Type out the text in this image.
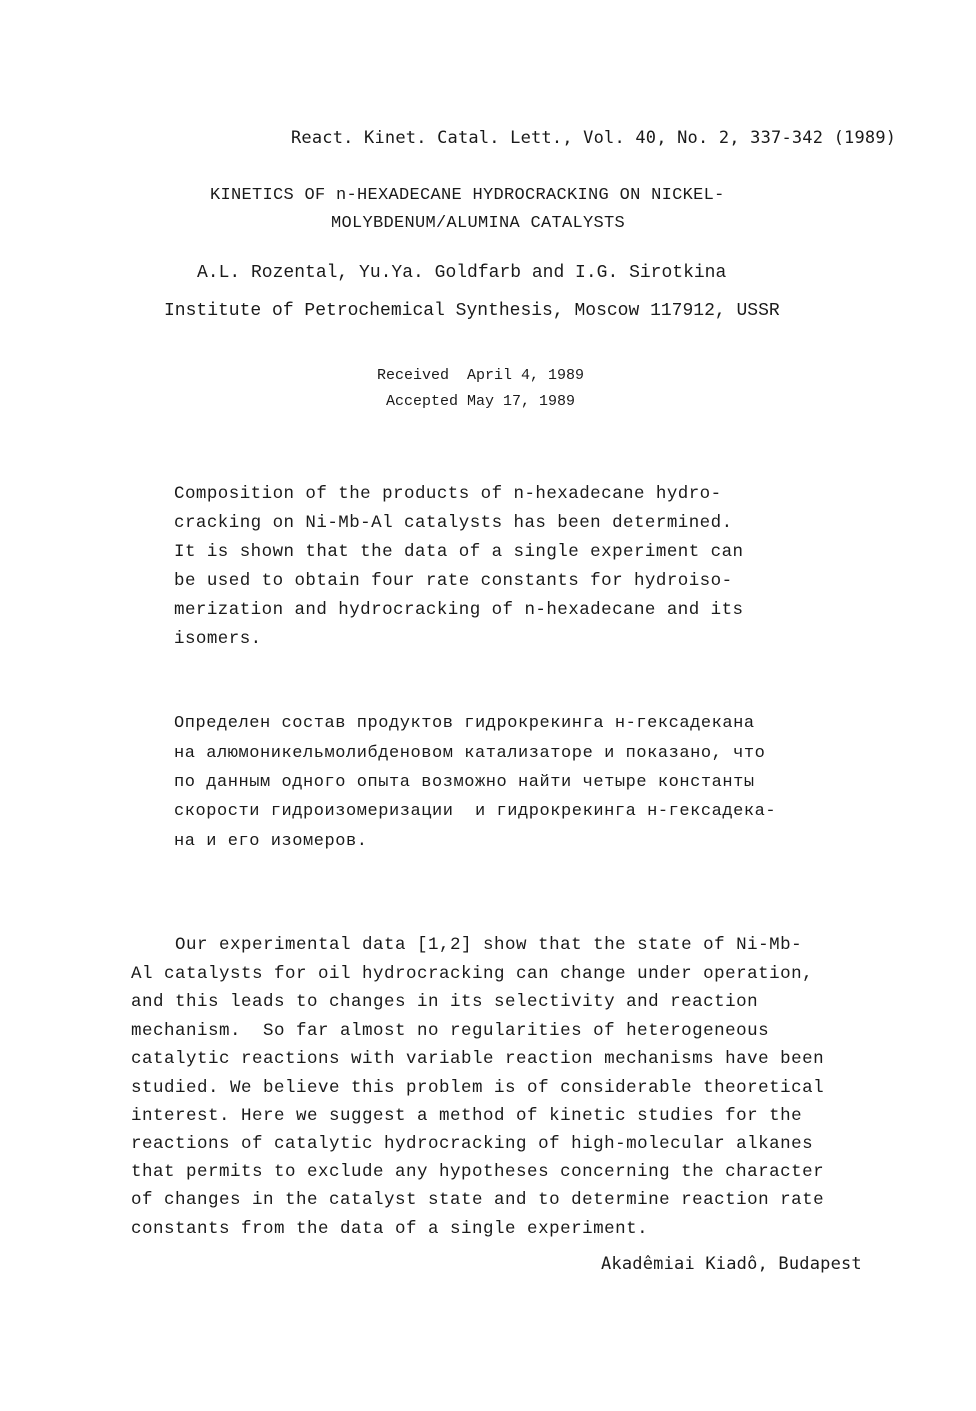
React. Kinet. Catal. Lett., Vol. 40, No. 2, 337-342 (1989)
KINETICS OF n-HEXADECANE HYDROCRACKING ON NICKEL-
MOLYBDENUM/ALUMINA CATALYSTS
A.L. Rozental, Yu.Ya. Goldfarb and I.G. Sirotkina
Institute of Petrochemical Synthesis, Moscow 117912, USSR
Received  April 4, 1989
Accepted May 17, 1989
Composition of the products of n-hexadecane hydro-
cracking on Ni-Mb-Al catalysts has been determined.
It is shown that the data of a single experiment can
be used to obtain four rate constants for hydroiso-
merization and hydrocracking of n-hexadecane and its
isomers.
Определен состав продуктов гидрокрекинга н-гексадекана
на алюмоникельмолибденовом катализаторе и показано, что
по данным одного опыта возможно найти четыре константы
скорости гидроизомеризации  и гидрокрекинга н-гексадека-
на и его изомеров.
Our experimental data [1,2] show that the state of Ni-Mb-
Al catalysts for oil hydrocracking can change under operation,
and this leads to changes in its selectivity and reaction
mechanism.  So far almost no regularities of heterogeneous
catalytic reactions with variable reaction mechanisms have been
studied. We believe this problem is of considerable theoretical
interest. Here we suggest a method of kinetic studies for the
reactions of catalytic hydrocracking of high-molecular alkanes
that permits to exclude any hypotheses concerning the character
of changes in the catalyst state and to determine reaction rate
constants from the data of a single experiment.
Akadêmiai Kiadô, Budapest
